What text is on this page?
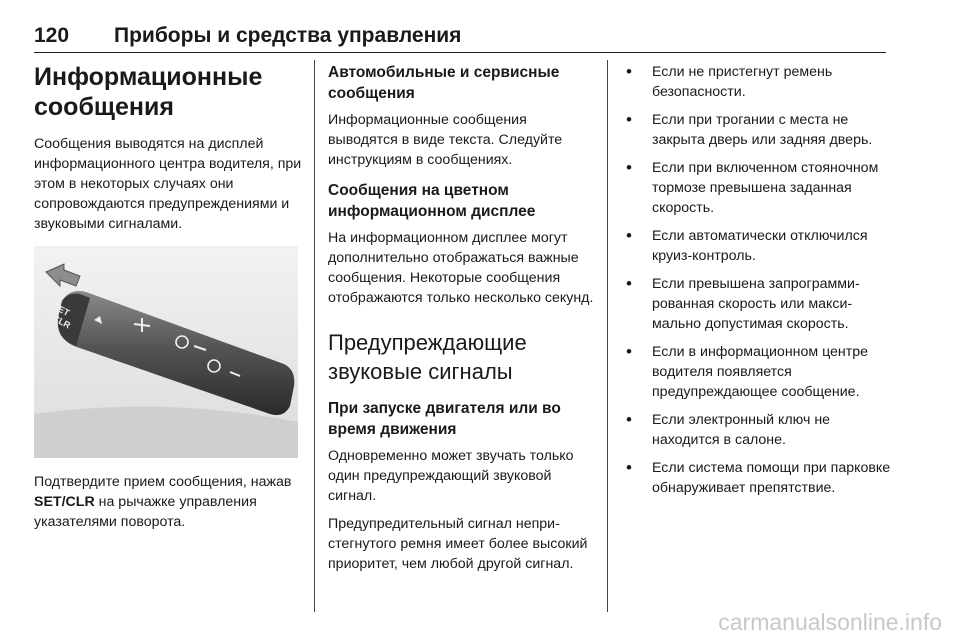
120 Приборы и средства управления
Информационные сообщения

Сообщения выводятся на дисплей информационного центра водителя, при этом в некоторых случаях они сопровождаются предупреждениями и звуковыми сигналами.

SET
CLR

Подтвердите прием сообщения, нажав SET/CLR на рычажке управления указателями поворота.

Автомобильные и сервисные сообщения

Информационные сообщения выводятся в виде текста. Следуйте инструкциям в сообщениях.

Сообщения на цветном информационном дисплее

На информационном дисплее могут дополнительно отображаться важные сообщения. Некоторые сообщения отображаются только несколько секунд.

Предупреждающие звуковые сигналы
При запуске двигателя или во время движения

Одновременно может звучать только один предупреждающий звуковой сигнал.

Предупредительный сигнал непристегнутого ремня имеет более высокий приоритет, чем любой другой сигнал.

• Если не пристегнут ремень безопасности.
• Если при трогании с места не закрыта дверь или задняя дверь.
• Если при включенном стояночном тормозе превышена заданная скорость.
• Если автоматически отключился круиз-контроль.
• Если превышена запрограммированная скорость или максимально допустимая скорость.
• Если в информационном центре водителя появляется предупреждающее сообщение.
• Если электронный ключ не находится в салоне.
• Если система помощи при парковке обнаруживает препятствие.
carmanualsonline.info
